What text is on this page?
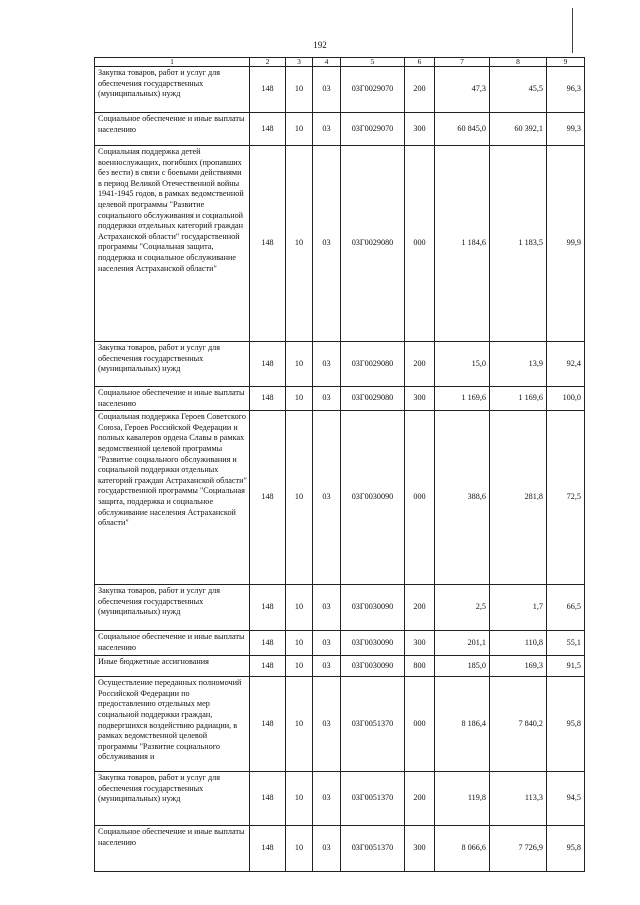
192
1	2	3	4	5	6	7	8	9
Закупка товаров, работ и услуг для обеспечения государственных (муниципальных) нужд	148	10	03	03Г0029070	200	47,3	45,5	96,3
Социальное обеспечение и иные выплаты населению	148	10	03	03Г0029070	300	60 845,0	60 392,1	99,3
Социальная поддержка детей военнослужащих, погибших (пропавших без вести) в связи с боевыми действиями в период Великой Отечественной войны 1941-1945 годов, в рамках ведомственной целевой программы "Развитие социального обслуживания и социальной поддержки отдельных категорий граждан Астраханской области" государственной программы "Социальная защита, поддержка и социальное обслуживание населения Астраханской области"	148	10	03	03Г0029080	000	1 184,6	1 183,5	99,9
Закупка товаров, работ и услуг для обеспечения государственных (муниципальных) нужд	148	10	03	03Г0029080	200	15,0	13,9	92,4
Социальное обеспечение и иные выплаты населению	148	10	03	03Г0029080	300	1 169,6	1 169,6	100,0
Социальная поддержка Героев Советского Союза, Героев Российской Федерации и полных кавалеров ордена Славы в рамках ведомственной целевой программы "Развитие социального обслуживания и социальной поддержки отдельных категорий граждан Астраханской области" государственной программы "Социальная защита, поддержка и социальное обслуживание населения Астраханской области"	148	10	03	03Г0030090	000	388,6	281,8	72,5
Закупка товаров, работ и услуг для обеспечения государственных (муниципальных) нужд	148	10	03	03Г0030090	200	2,5	1,7	66,5
Социальное обеспечение и иные выплаты населению	148	10	03	03Г0030090	300	201,1	110,8	55,1
Иные бюджетные ассигнования	148	10	03	03Г0030090	800	185,0	169,3	91,5
Осуществление переданных полномочий Российской Федерации по предоставлению отдельных мер социальной поддержки граждан, подвергшихся воздействию радиации, в рамках ведомственной целевой программы "Развитие социального обслуживания и	148	10	03	03Г0051370	000	8 186,4	7 840,2	95,8
Закупка товаров, работ и услуг для обеспечения государственных (муниципальных) нужд	148	10	03	03Г0051370	200	119,8	113,3	94,5
Социальное обеспечение и иные выплаты населению	148	10	03	03Г0051370	300	8 066,6	7 726,9	95,8
